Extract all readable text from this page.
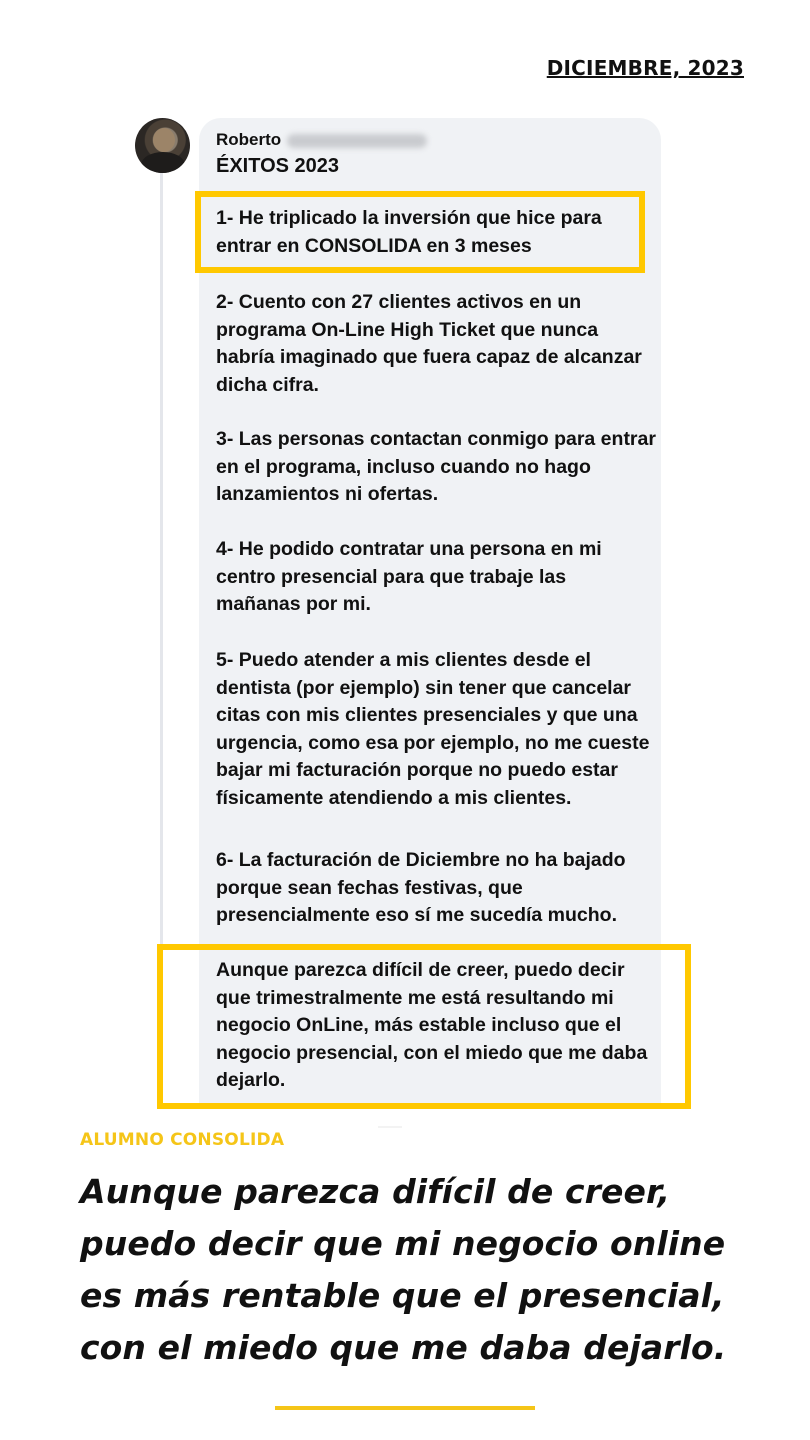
DICIEMBRE, 2023
Roberto
ÉXITOS 2023
1- He triplicado la inversión que hice para entrar en CONSOLIDA en 3 meses
2- Cuento con 27 clientes activos en un programa On-Line High Ticket que nunca habría imaginado que fuera capaz de alcanzar dicha cifra.
3- Las personas contactan conmigo para entrar en el programa, incluso cuando no hago lanzamientos ni ofertas.
4- He podido contratar una persona en mi centro presencial para que trabaje las mañanas por mi.
5- Puedo atender a mis clientes desde el dentista (por ejemplo) sin tener que cancelar citas con mis clientes presenciales y que una urgencia, como esa por ejemplo, no me cueste bajar mi facturación porque no puedo estar físicamente atendiendo a mis clientes.
6- La facturación de Diciembre no ha bajado porque sean fechas festivas, que presencialmente eso sí me sucedía mucho.
Aunque parezca difícil de creer, puedo decir que trimestralmente me está resultando mi negocio OnLine, más estable incluso que el negocio presencial, con el miedo que me daba dejarlo.
ALUMNO CONSOLIDA
Aunque parezca difícil de creer, puedo decir que mi negocio online es más rentable que el presencial, con el miedo que me daba dejarlo.
